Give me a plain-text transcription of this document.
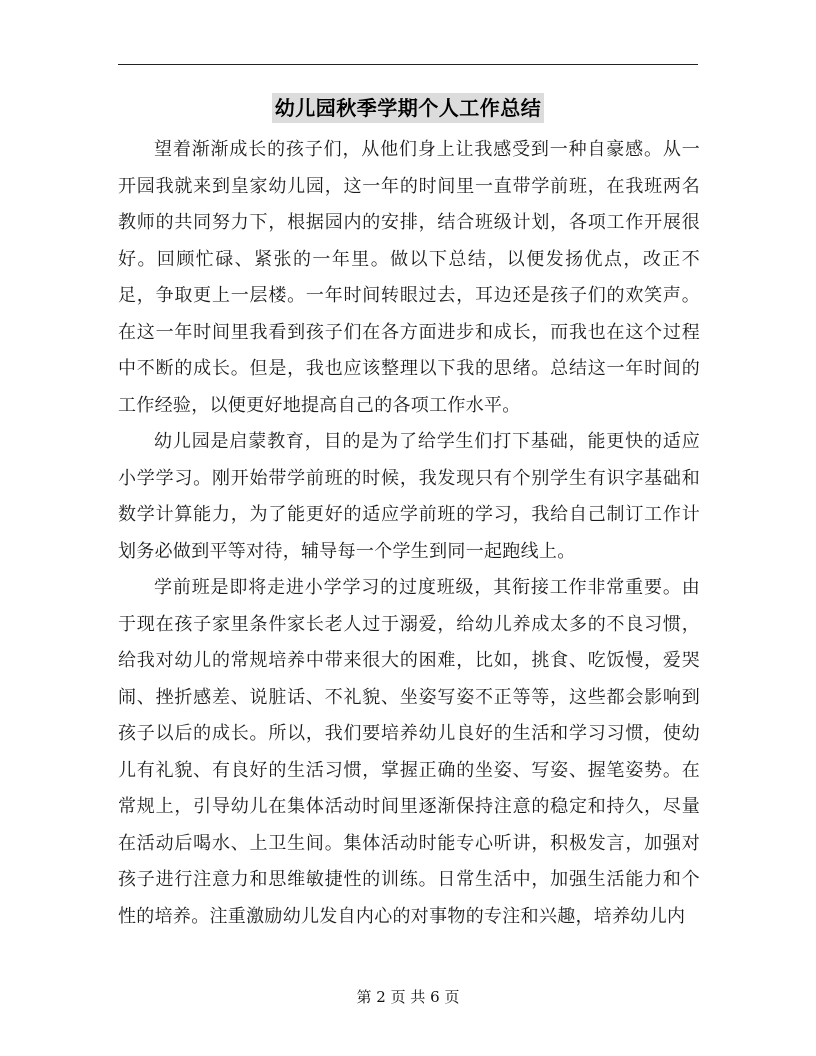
幼儿园秋季学期个人工作总结

望着渐渐成长的孩子们，从他们身上让我感受到一种自豪感。从一开园我就来到皇家幼儿园，这一年的时间里一直带学前班，在我班两名教师的共同努力下，根据园内的安排，结合班级计划，各项工作开展很好。回顾忙碌、紧张的一年里。做以下总结，以便发扬优点，改正不足，争取更上一层楼。一年时间转眼过去，耳边还是孩子们的欢笑声。在这一年时间里我看到孩子们在各方面进步和成长，而我也在这个过程中不断的成长。但是，我也应该整理以下我的思绪。总结这一年时间的工作经验，以便更好地提高自己的各项工作水平。

幼儿园是启蒙教育，目的是为了给学生们打下基础，能更快的适应小学学习。刚开始带学前班的时候，我发现只有个别学生有识字基础和数学计算能力，为了能更好的适应学前班的学习，我给自己制订工作计划务必做到平等对待，辅导每一个学生到同一起跑线上。

学前班是即将走进小学学习的过度班级，其衔接工作非常重要。由于现在孩子家里条件家长老人过于溺爱，给幼儿养成太多的不良习惯，给我对幼儿的常规培养中带来很大的困难，比如，挑食、吃饭慢，爱哭闹、挫折感差、说脏话、不礼貌、坐姿写姿不正等等，这些都会影响到孩子以后的成长。所以，我们要培养幼儿良好的生活和学习习惯，使幼儿有礼貌、有良好的生活习惯，掌握正确的坐姿、写姿、握笔姿势。在常规上，引导幼儿在集体活动时间里逐渐保持注意的稳定和持久，尽量在活动后喝水、上卫生间。集体活动时能专心听讲，积极发言，加强对孩子进行注意力和思维敏捷性的训练。日常生活中，加强生活能力和个性的培养。注重激励幼儿发自内心的对事物的专注和兴趣，培养幼儿内

第 2 页 共 6 页
